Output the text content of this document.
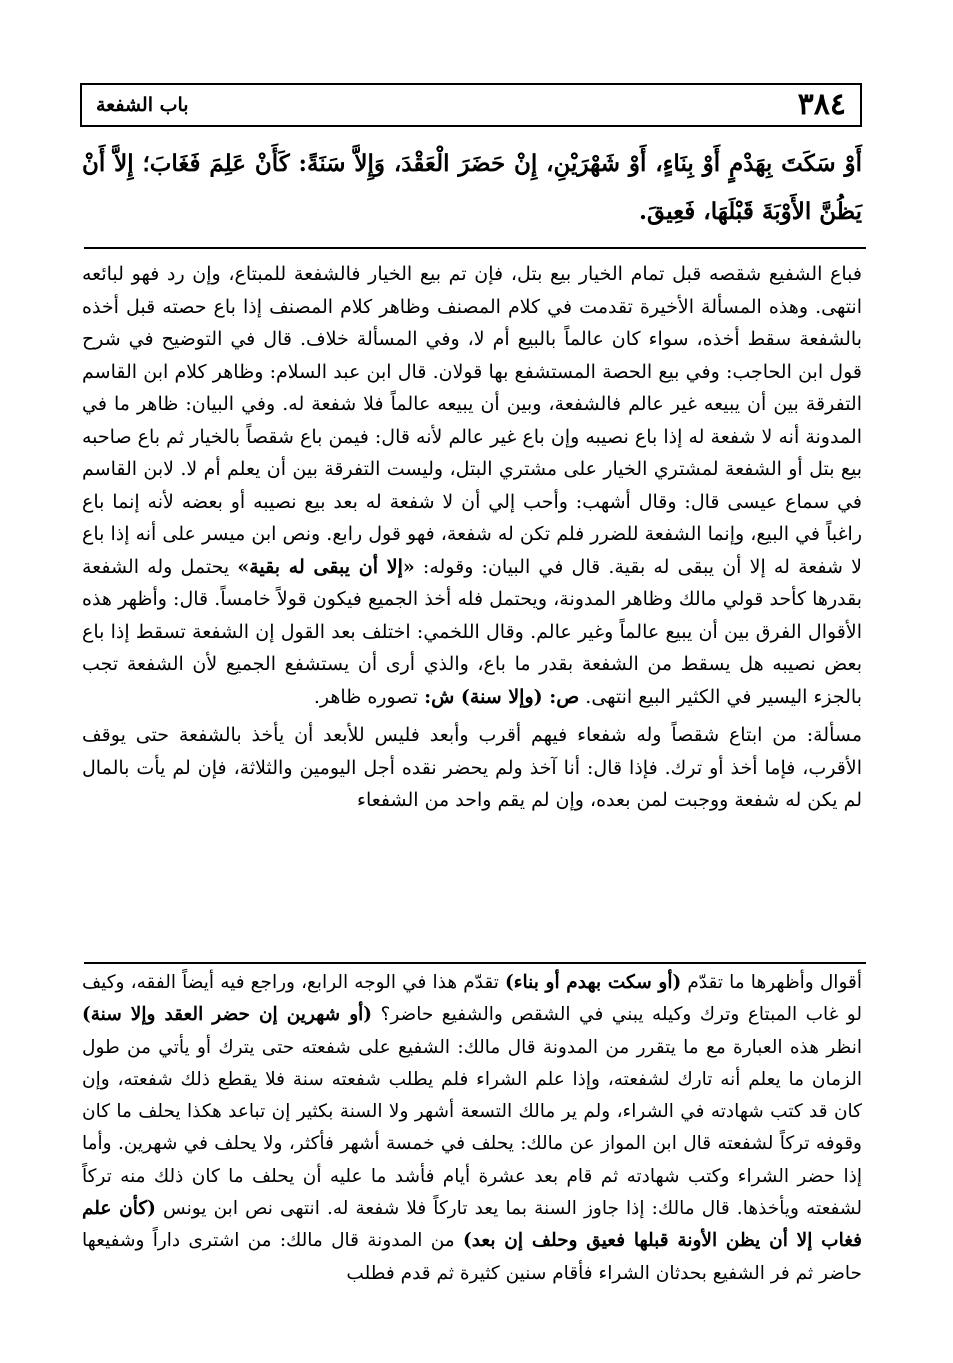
٣٨٤
باب الشفعة

أَوْ سَكَتَ بِهَدْمٍ أَوْ بِنَاءٍ، أَوْ شَهْرَيْنِ، إِنْ حَضَرَ الْعَقْدَ، وَإِلاَّ سَنَةً: كَأَنْ عَلِمَ فَغَابَ؛ إِلاَّ أَنْ يَظُنَّ الأَوْبَةَ قَبْلَهَا، فَعِيقَ.

فباع الشفيع شقصه قبل تمام الخيار بيع بتل، فإن تم بيع الخيار فالشفعة للمبتاع، وإن رد فهو لبائعه انتهى. وهذه المسألة الأخيرة تقدمت في كلام المصنف وظاهر كلام المصنف إذا باع حصته قبل أخذه بالشفعة سقط أخذه، سواء كان عالماً بالبيع أم لا، وفي المسألة خلاف. قال في التوضيح في شرح قول ابن الحاجب: وفي بيع الحصة المستشفع بها قولان. قال ابن عبد السلام: وظاهر كلام ابن القاسم التفرقة بين أن يبيعه غير عالم فالشفعة، وبين أن يبيعه عالماً فلا شفعة له. وفي البيان: ظاهر ما في المدونة أنه لا شفعة له إذا باع نصيبه وإن باع غير عالم لأنه قال: فيمن باع شقصاً بالخيار ثم باع صاحبه بيع بتل أو الشفعة لمشتري الخيار على مشتري البتل، وليست التفرقة بين أن يعلم أم لا. لابن القاسم في سماع عيسى قال: وقال أشهب: وأحب إلي أن لا شفعة له بعد بيع نصيبه أو بعضه لأنه إنما باع راغباً في البيع، وإنما الشفعة للضرر فلم تكن له شفعة، فهو قول رابع. ونص ابن ميسر على أنه إذا باع لا شفعة له إلا أن يبقى له بقية. قال في البيان: وقوله: «إلا أن يبقى له بقية» يحتمل وله الشفعة بقدرها كأحد قولي مالك وظاهر المدونة، ويحتمل فله أخذ الجميع فيكون قولاً خامساً. قال: وأظهر هذه الأقوال الفرق بين أن يبيع عالماً وغير عالم. وقال اللخمي: اختلف بعد القول إن الشفعة تسقط إذا باع بعض نصيبه هل يسقط من الشفعة بقدر ما باع، والذي أرى أن يستشفع الجميع لأن الشفعة تجب بالجزء اليسير في الكثير البيع انتهى. ص: (وإلا سنة) ش: تصوره ظاهر.

مسألة: من ابتاع شقصاً وله شفعاء فيهم أقرب وأبعد فليس للأبعد أن يأخذ بالشفعة حتى يوقف الأقرب، فإما أخذ أو ترك. فإذا قال: أنا آخذ ولم يحضر نقده أجل اليومين والثلاثة، فإن لم يأت بالمال لم يكن له شفعة ووجبت لمن بعده، وإن لم يقم واحد من الشفعاء

أقوال وأظهرها ما تقدّم (أو سكت بهدم أو بناء) تقدّم هذا في الوجه الرابع، وراجع فيه أيضاً الفقه، وكيف لو غاب المبتاع وترك وكيله يبني في الشقص والشفيع حاضر؟ (أو شهرين إن حضر العقد وإلا سنة) انظر هذه العبارة مع ما يتقرر من المدونة قال مالك: الشفيع على شفعته حتى يترك أو يأتي من طول الزمان ما يعلم أنه تارك لشفعته، وإذا علم الشراء فلم يطلب شفعته سنة فلا يقطع ذلك شفعته، وإن كان قد كتب شهادته في الشراء، ولم ير مالك التسعة أشهر ولا السنة بكثير إن تباعد هكذا يحلف ما كان وقوفه تركاً لشفعته قال ابن المواز عن مالك: يحلف في خمسة أشهر فأكثر، ولا يحلف في شهرين. وأما إذا حضر الشراء وكتب شهادته ثم قام بعد عشرة أيام فأشد ما عليه أن يحلف ما كان ذلك منه تركاً لشفعته ويأخذها. قال مالك: إذا جاوز السنة بما يعد تاركاً فلا شفعة له. انتهى نص ابن يونس (كأن علم فغاب إلا أن يظن الأونة قبلها فعيق وحلف إن بعد) من المدونة قال مالك: من اشترى داراً وشفيعها حاضر ثم فر الشفيع بحدثان الشراء فأقام سنين كثيرة ثم قدم فطلب
